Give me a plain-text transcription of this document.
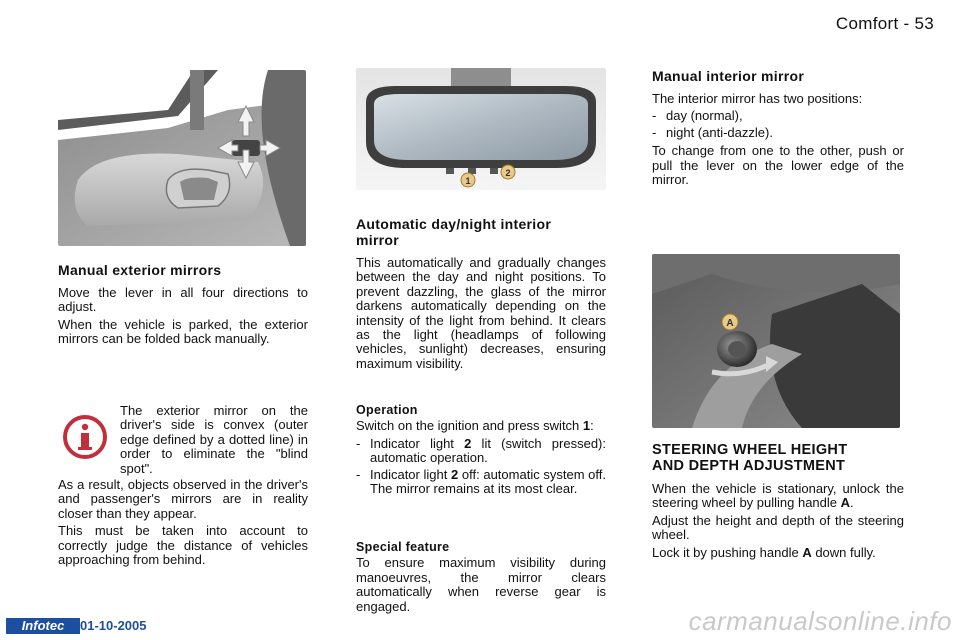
Comfort - 53
Manual exterior mirrors

Move the lever in all four directions to adjust.

When the vehicle is parked, the exterior mirrors can be folded back manually.

The exterior mirror on the driver's side is convex (outer edge defined by a dotted line) in order to eliminate the "blind spot".

As a result, objects observed in the driver's and passenger's mirrors are in reality closer than they appear.

This must be taken into account to correctly judge the distance of vehicles approaching from behind.

1
2
Automatic day/night interior mirror

This automatically and gradually changes between the day and night positions. To prevent dazzling, the glass of the mirror darkens automatically depending on the intensity of the light from behind. It clears as the light (headlamps of following vehicles, sunlight) decreases, ensuring maximum visibility.

Operation

Switch on the ignition and press switch 1:

- Indicator light 2 lit (switch pressed): automatic operation.
- Indicator light 2 off: automatic system off. The mirror remains at its most clear.
Special feature

To ensure maximum visibility during manoeuvres, the mirror clears automatically when reverse gear is engaged.

Manual interior mirror

The interior mirror has two positions:

- day (normal),
- night (anti-dazzle).

To change from one to the other, push or pull the lever on the lower edge of the mirror.

A
STEERING WHEEL HEIGHT
AND DEPTH ADJUSTMENT

When the vehicle is stationary, unlock the steering wheel by pulling handle A.

Adjust the height and depth of the steering wheel.

Lock it by pushing handle A down fully.

Infotec	01-10-2005	carmanualsonline.info
